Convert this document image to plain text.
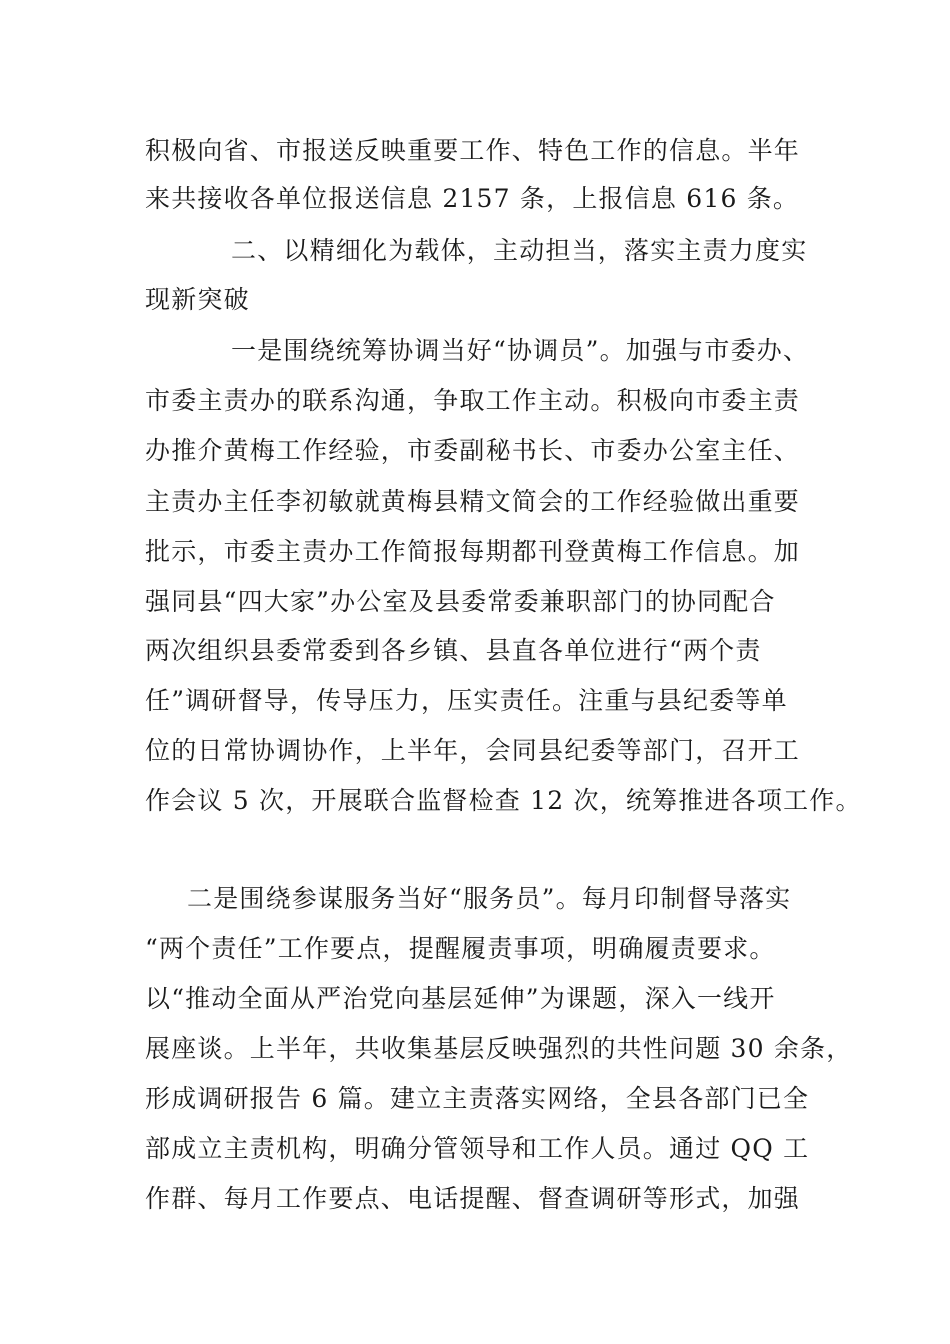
积极向省、市报送反映重要工作、特色工作的信息。半年
来共接收各单位报送信息 2157 条，上报信息 616 条。
二、以精细化为载体，主动担当，落实主责力度实
现新突破
一是围绕统筹协调当好“协调员”。加强与市委办、
市委主责办的联系沟通，争取工作主动。积极向市委主责
办推介黄梅工作经验，市委副秘书长、市委办公室主任、
主责办主任李初敏就黄梅县精文简会的工作经验做出重要
批示，市委主责办工作简报每期都刊登黄梅工作信息。加
强同县“四大家”办公室及县委常委兼职部门的协同配合
两次组织县委常委到各乡镇、县直各单位进行“两个责
任”调研督导，传导压力，压实责任。注重与县纪委等单
位的日常协调协作，上半年，会同县纪委等部门，召开工
作会议 5 次，开展联合监督检查 12 次，统筹推进各项工作。
二是围绕参谋服务当好“服务员”。每月印制督导落实
“两个责任”工作要点，提醒履责事项，明确履责要求。
以“推动全面从严治党向基层延伸”为课题，深入一线开
展座谈。上半年，共收集基层反映强烈的共性问题 30 余条，
形成调研报告 6 篇。建立主责落实网络，全县各部门已全
部成立主责机构，明确分管领导和工作人员。通过 QQ 工
作群、每月工作要点、电话提醒、督查调研等形式，加强
